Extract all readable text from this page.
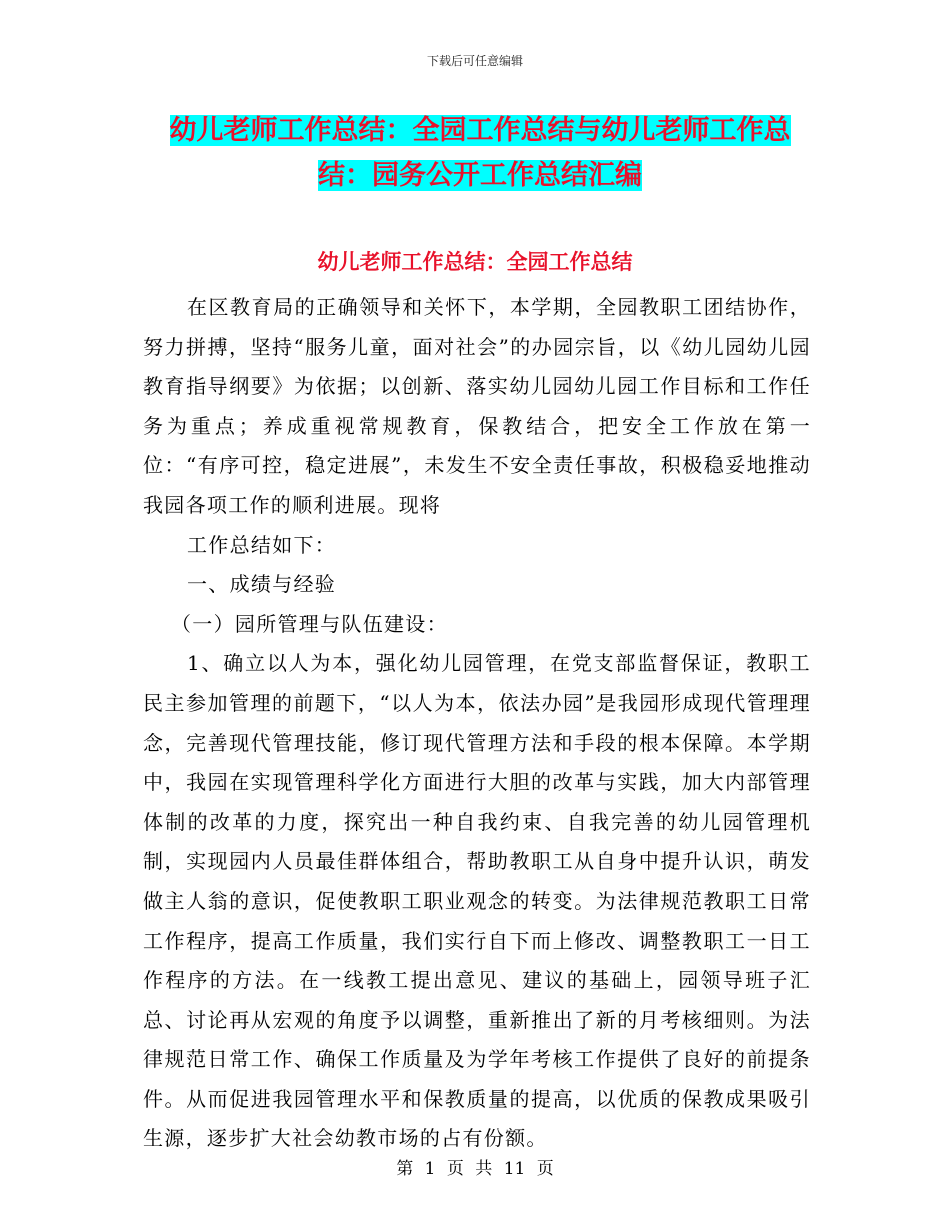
下载后可任意编辑
幼儿老师工作总结：全园工作总结与幼儿老师工作总
结：园务公开工作总结汇编
幼儿老师工作总结：全园工作总结

在区教育局的正确领导和关怀下，本学期，全园教职工团结协作，努力拼搏，坚持“服务儿童，面对社会”的办园宗旨，以《幼儿园幼儿园教育指导纲要》为依据；以创新、落实幼儿园幼儿园工作目标和工作任务为重点；养成重视常规教育，保教结合，把安全工作放在第一位：“有序可控，稳定进展”，未发生不安全责任事故，积极稳妥地推动我园各项工作的顺利进展。现将

工作总结如下：

一、成绩与经验

（一）园所管理与队伍建设：

1、确立以人为本，强化幼儿园管理，在党支部监督保证，教职工民主参加管理的前题下，“以人为本，依法办园”是我园形成现代管理理念，完善现代管理技能，修订现代管理方法和手段的根本保障。本学期中，我园在实现管理科学化方面进行大胆的改革与实践，加大内部管理体制的改革的力度，探究出一种自我约束、自我完善的幼儿园管理机制，实现园内人员最佳群体组合，帮助教职工从自身中提升认识，萌发做主人翁的意识，促使教职工职业观念的转变。为法律规范教职工日常工作程序，提高工作质量，我们实行自下而上修改、调整教职工一日工作程序的方法。在一线教工提出意见、建议的基础上，园领导班子汇总、讨论再从宏观的角度予以调整，重新推出了新的月考核细则。为法律规范日常工作、确保工作质量及为学年考核工作提供了良好的前提条件。从而促进我园管理水平和保教质量的提高，以优质的保教成果吸引生源，逐步扩大社会幼教市场的占有份额。

第 1 页 共 11 页
